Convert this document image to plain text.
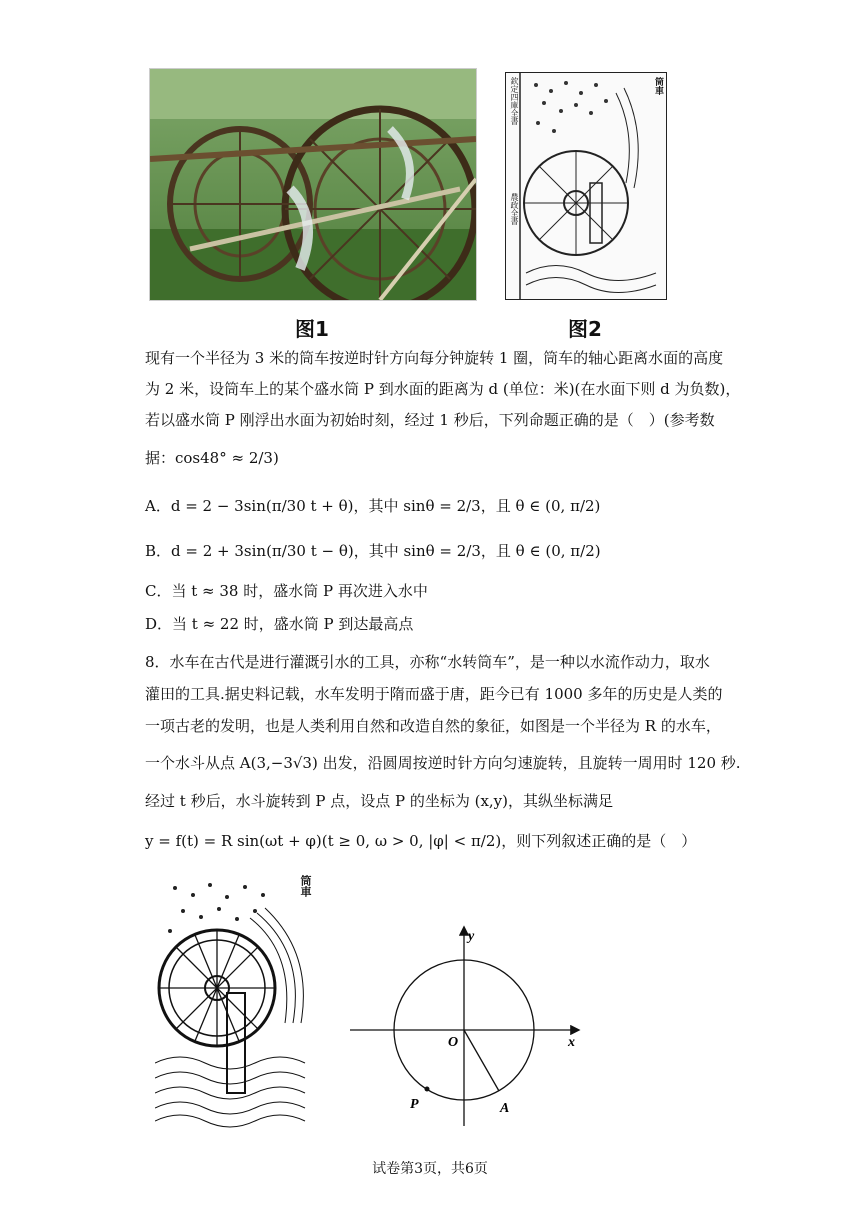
欽定四庫全書
農政全書
筒車
图1	图2
现有一个半径为 3 米的筒车按逆时针方向每分钟旋转 1 圈，筒车的轴心距离水面的高度
为 2 米，设筒车上的某个盛水筒 P 到水面的距离为 d (单位：米)(在水面下则 d 为负数)，
若以盛水筒 P 刚浮出水面为初始时刻，经过 1 秒后，下列命题正确的是（　）(参考数
据：cos48° ≈ 2/3)
A．d = 2 − 3sin(π/30 t + θ)，其中 sinθ = 2/3，且 θ ∈ (0, π/2)
B．d = 2 + 3sin(π/30 t − θ)，其中 sinθ = 2/3，且 θ ∈ (0, π/2)
C．当 t ≈ 38 时，盛水筒 P 再次进入水中
D．当 t ≈ 22 时，盛水筒 P 到达最高点
8．水车在古代是进行灌溉引水的工具，亦称“水转筒车”，是一种以水流作动力，取水
灌田的工具.据史料记载，水车发明于隋而盛于唐，距今已有 1000 多年的历史是人类的
一项古老的发明，也是人类利用自然和改造自然的象征，如图是一个半径为 R 的水车，
一个水斗从点 A(3,−3√3) 出发，沿圆周按逆时针方向匀速旋转，且旋转一周用时 120 秒.
经过 t 秒后，水斗旋转到 P 点，设点 P 的坐标为 (x,y)，其纵坐标满足
y = f(t) = R sin(ωt + φ)(t ≥ 0, ω > 0, |φ| < π/2)，则下列叙述正确的是（　）
筒車
x
y
O
A
P
试卷第3页，共6页
